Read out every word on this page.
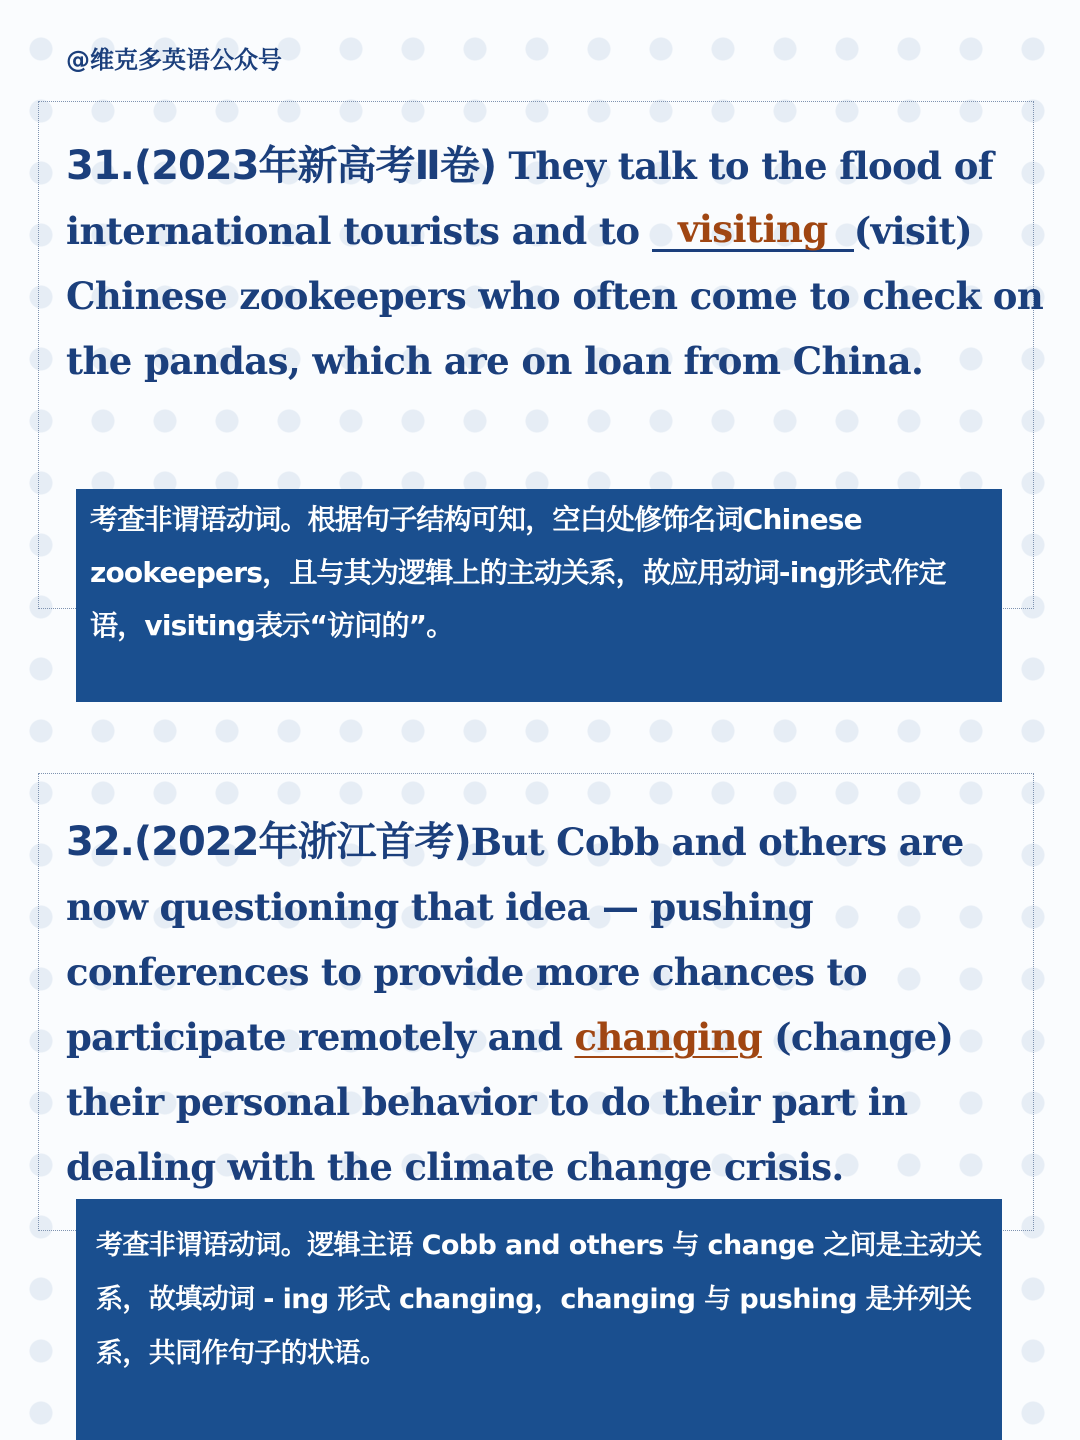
@维克多英语公众号

31.(2023年新高考Ⅱ卷) They talk to the flood of international tourists and to visiting (visit) Chinese zookeepers who often come to check on the pandas, which are on loan from China.

考查非谓语动词。根据句子结构可知，空白处修饰名词Chinese zookeepers，且与其为逻辑上的主动关系，故应用动词-ing形式作定语，visiting表示“访问的”。

32.(2022年浙江首考)But Cobb and others are now questioning that idea — pushing conferences to provide more chances to participate remotely and changing (change) their personal behavior to do their part in dealing with the climate change crisis.

考查非谓语动词。逻辑主语 Cobb and others 与 change 之间是主动关系，故填动词 - ing 形式 changing，changing 与 pushing 是并列关系，共同作句子的状语。
